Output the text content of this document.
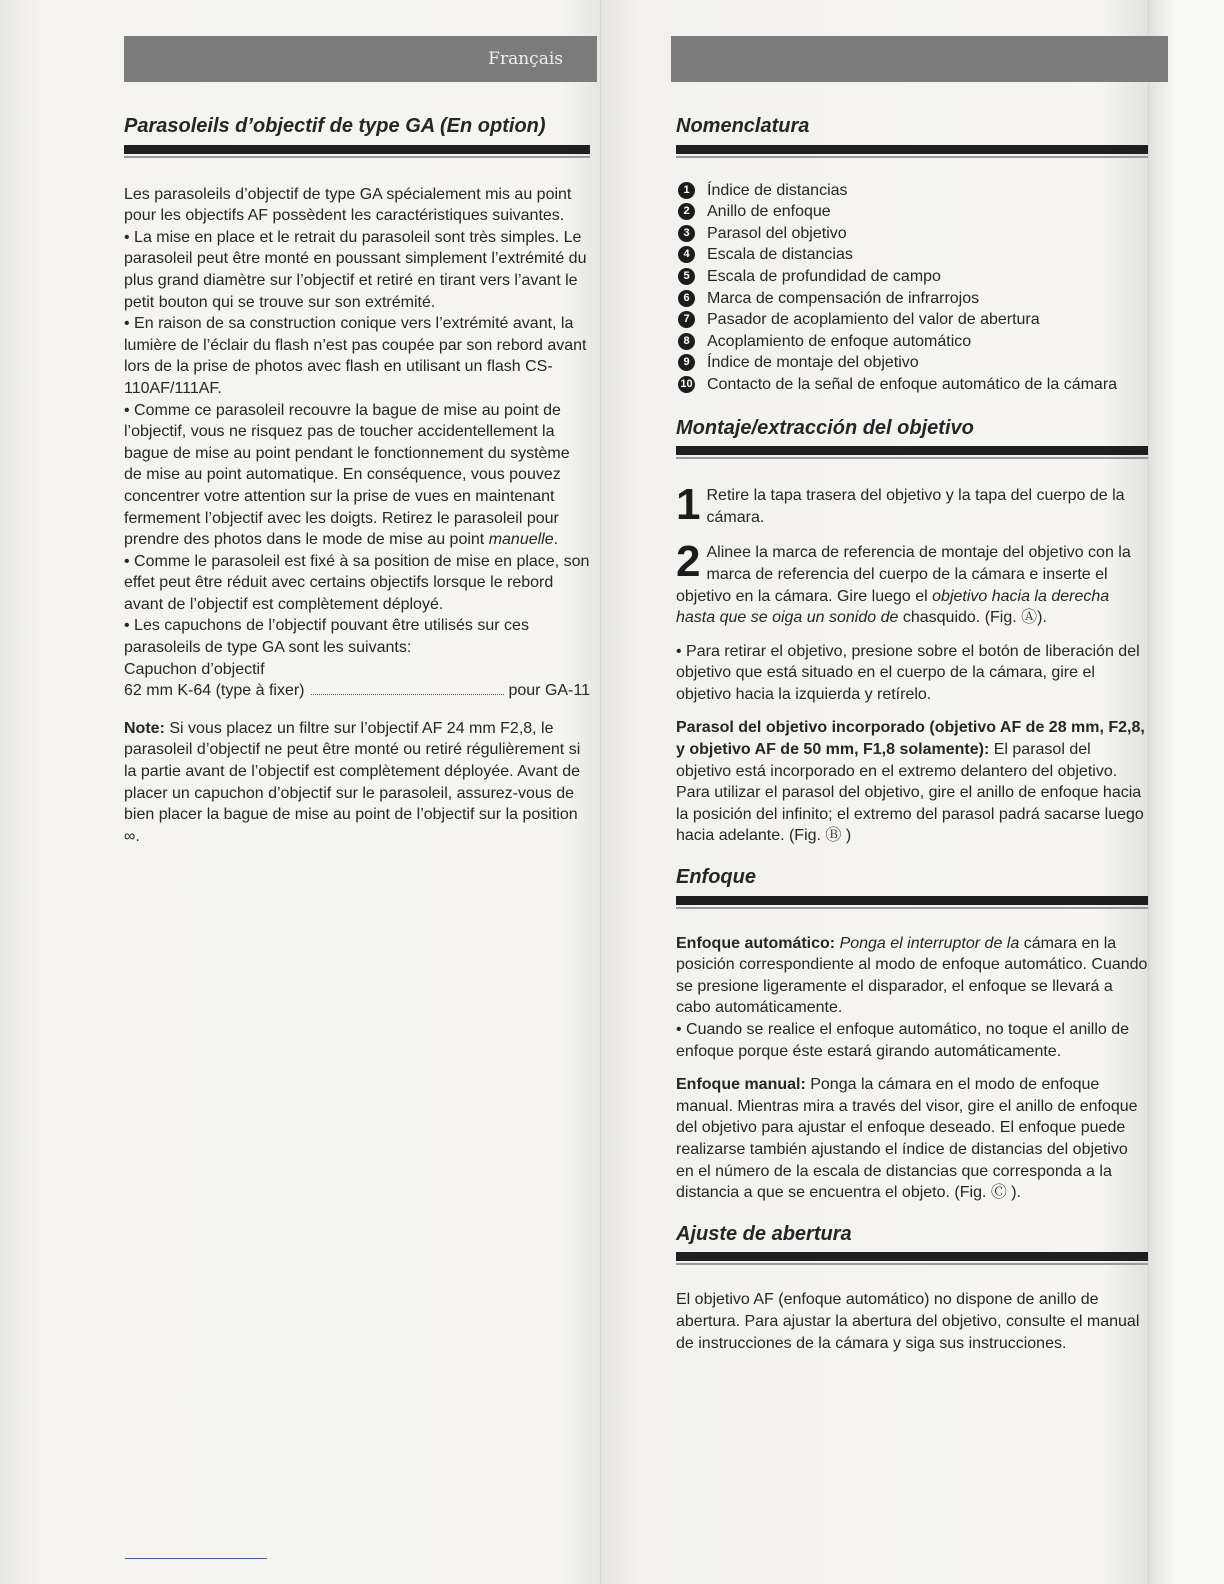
Français
Parasoleils d’objectif de type GA (En option)

Les parasoleils d’objectif de type GA spécialement mis au point pour les objectifs AF possèdent les caractéristiques suivantes.

• La mise en place et le retrait du parasoleil sont très simples. Le parasoleil peut être monté en poussant simplement l’extrémité du plus grand diamètre sur l’objectif et retiré en tirant vers l’avant le petit bouton qui se trouve sur son extrémité.

• En raison de sa construction conique vers l’extrémité avant, la lumière de l’éclair du flash n’est pas coupée par son rebord avant lors de la prise de photos avec flash en utilisant un flash CS-110AF/111AF.

• Comme ce parasoleil recouvre la bague de mise au point de l’objectif, vous ne risquez pas de toucher accidentellement la bague de mise au point pendant le fonctionnement du système de mise au point automatique. En conséquence, vous pouvez concentrer votre attention sur la prise de vues en maintenant fermement l’objectif avec les doigts. Retirez le parasoleil pour prendre des photos dans le mode de mise au point manuelle.

• Comme le parasoleil est fixé à sa position de mise en place, son effet peut être réduit avec certains objectifs lorsque le rebord avant de l’objectif est complètement déployé.

• Les capuchons de l’objectif pouvant être utilisés sur ces parasoleils de type GA sont les suivants:

Capuchon d’objectif

62 mm K-64 (type à fixer)	pour GA-11

Note: Si vous placez un filtre sur l’objectif AF 24 mm F2,8, le parasoleil d’objectif ne peut être monté ou retiré régulièrement si la partie avant de l’objectif est complètement déployée. Avant de placer un capuchon d’objectif sur le parasoleil, assurez-vous de bien placer la bague de mise au point de l’objectif sur la position ∞.

Nomenclatura
1	Índice de distancias
2	Anillo de enfoque
3	Parasol del objetivo
4	Escala de distancias
5	Escala de profundidad de campo
6	Marca de compensación de infrarrojos
7	Pasador de acoplamiento del valor de abertura
8	Acoplamiento de enfoque automático
9	Índice de montaje del objetivo
10 Contacto de la señal de enfoque automático de la cámara
Montaje/extracción del objetivo
1 Retire la tapa trasera del objetivo y la tapa del cuerpo de la cámara.

2 Alinee la marca de referencia de montaje del objetivo con la marca de referencia del cuerpo de la cámara e inserte el objetivo en la cámara. Gire luego el objetivo hacia la derecha hasta que se oiga un sonido de chasquido. (Fig. Ⓐ).

• Para retirar el objetivo, presione sobre el botón de liberación del objetivo que está situado en el cuerpo de la cámara, gire el objetivo hacia la izquierda y retírelo.

Parasol del objetivo incorporado (objetivo AF de 28 mm, F2,8, y objetivo AF de 50 mm, F1,8 solamente): El parasol del objetivo está incorporado en el extremo delantero del objetivo. Para utilizar el parasol del objetivo, gire el anillo de enfoque hacia la posición del infinito; el extremo del parasol padrá sacarse luego hacia adelante. (Fig. Ⓑ )

Enfoque

Enfoque automático: Ponga el interruptor de la cámara en la posición correspondiente al modo de enfoque automático. Cuando se presione ligeramente el disparador, el enfoque se llevará a cabo automáticamente.

• Cuando se realice el enfoque automático, no toque el anillo de enfoque porque éste estará girando automáticamente.

Enfoque manual: Ponga la cámara en el modo de enfoque manual. Mientras mira a través del visor, gire el anillo de enfoque del objetivo para ajustar el enfoque deseado. El enfoque puede realizarse también ajustando el índice de distancias del objetivo en el número de la escala de distancias que corresponda a la distancia a que se encuentra el objeto. (Fig. Ⓒ ).

Ajuste de abertura

El objetivo AF (enfoque automático) no dispone de anillo de abertura. Para ajustar la abertura del objetivo, consulte el manual de instrucciones de la cámara y siga sus instrucciones.
